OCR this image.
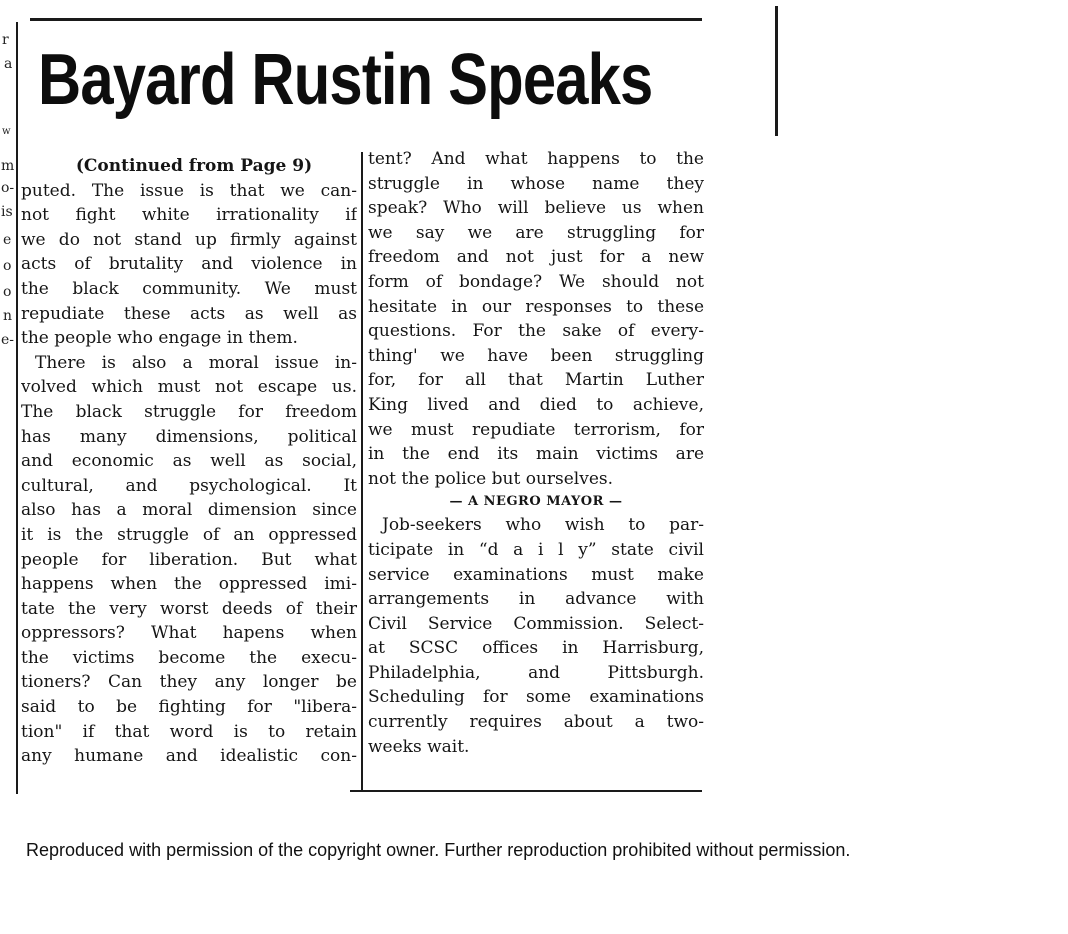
r
a
w
m
o-
is
e
o
o
n
e-
Bayard Rustin Speaks
(Continued from Page 9)
puted. The issue is that we can-
not fight white irrationality if
we do not stand up firmly against
acts of brutality and violence in
the black community. We must
repudiate these acts as well as
the people who engage in them.
There is also a moral issue in-
volved which must not escape us.
The black struggle for freedom
has many dimensions, political
and economic as well as social,
cultural, and psychological. It
also has a moral dimension since
it is the struggle of an oppressed
people for liberation. But what
happens when the oppressed imi-
tate the very worst deeds of their
oppressors? What hapens when
the victims become the execu-
tioners? Can they any longer be
said to be fighting for "libera-
tion" if that word is to retain
any humane and idealistic con-
tent? And what happens to the
struggle in whose name they
speak? Who will believe us when
we say we are struggling for
freedom and not just for a new
form of bondage? We should not
hesitate in our responses to these
questions. For the sake of every-
thing' we have been struggling
for, for all that Martin Luther
King lived and died to achieve,
we must repudiate terrorism, for
in the end its main victims are
not the police but ourselves.
— A NEGRO MAYOR —
Job-seekers who wish to par-
ticipate in “d a i l y” state civil
service examinations must make
arrangements in advance with
Civil Service Commission. Select-
at SCSC offices in Harrisburg,
Philadelphia, and Pittsburgh.
Scheduling for some examinations
currently requires about a two-
weeks wait.
Reproduced with permission of the copyright owner. Further reproduction prohibited without permission.
